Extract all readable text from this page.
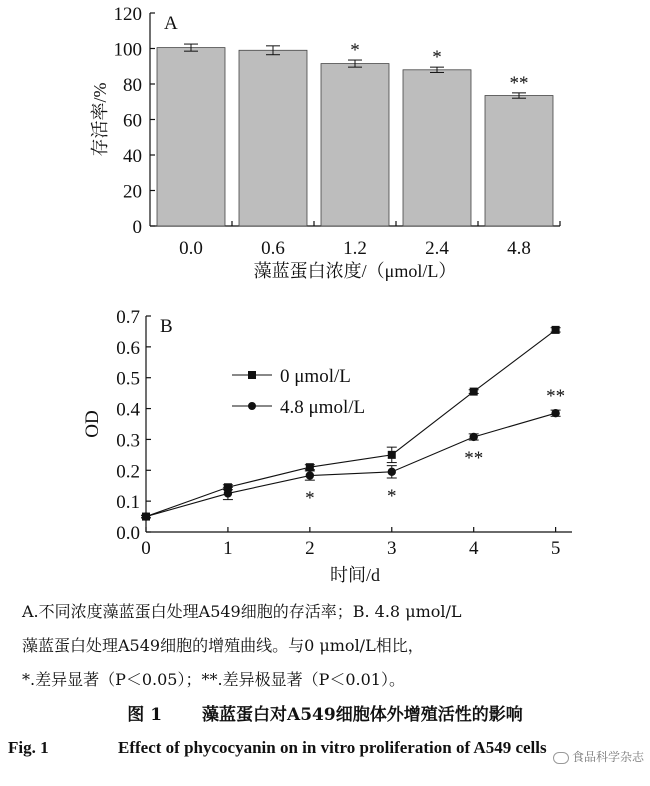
0
20
40
60
80
100
120
0.0	0.6	1.2
*
2.4
*
4.8
**
A
藻蓝蛋白浓度/（μmol/L）
存活率/%
0.0
0.1
0.2
0.3
0.4
0.5
0.6
0.7
0	1	2	3	4	5
0 μmol/L
4.8 μmol/L
*	*
**
**
B
时间/d
OD
A.不同浓度藻蓝蛋白处理A549细胞的存活率；B. 4.8 μmol/L
藻蓝蛋白处理A549细胞的增殖曲线。与0 μmol/L相比，
*.差异显著（P＜0.05）；**.差异极显著（P＜0.01）。
图 1 藻蓝蛋白对A549细胞体外增殖活性的影响
Fig. 1	Effect of phycocyanin on in vitro proliferation of A549 cells	食品科学杂志
